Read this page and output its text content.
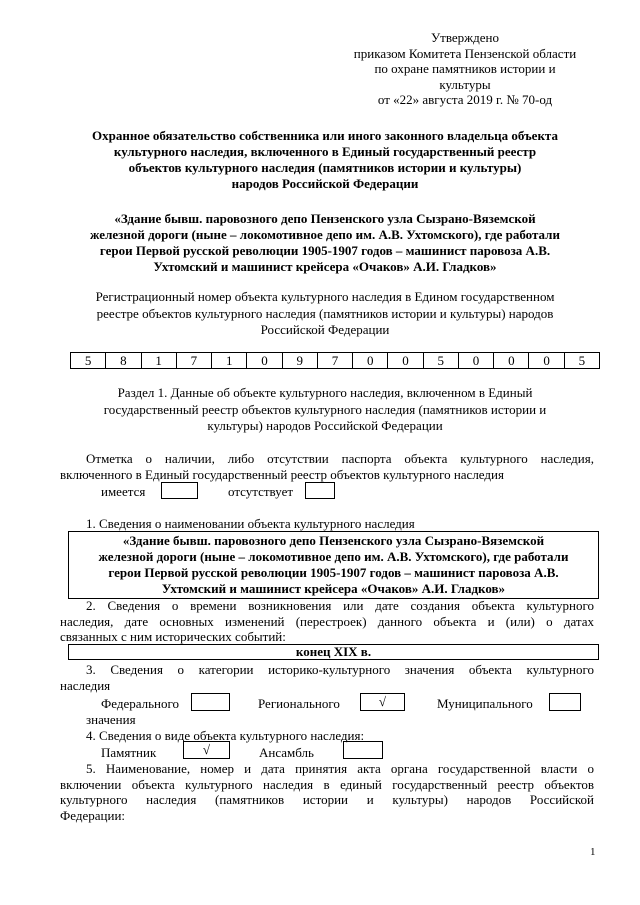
Утверждено
приказом Комитета Пензенской области
по охране памятников истории и
культуры
от «22» августа 2019 г. № 70-од
Охранное обязательство собственника или иного законного владельца объекта
культурного наследия, включенного в Единый государственный реестр
объектов культурного наследия (памятников истории и культуры)
народов Российской Федерации
«Здание бывш. паровозного депо Пензенского узла Сызрано-Вяземской
железной дороги (ныне – локомотивное депо им. А.В. Ухтомского), где работали
герои Первой русской революции 1905-1907 годов – машинист паровоза А.В.
Ухтомский и машинист крейсера «Очаков» А.И. Гладков»
Регистрационный номер объекта культурного наследия в Едином государственном
реестре объектов культурного наследия (памятников истории и культуры) народов
Российской Федерации
5	8	1	7	1	0	9	7	0	0	5	0	0	0	5
Раздел 1. Данные об объекте культурного наследия, включенном в Единый
государственный реестр объектов культурного наследия (памятников истории и
культуры) народов Российской Федерации
Отметка о наличии, либо отсутствии паспорта объекта культурного наследия,
включенного в Единый государственный реестр объектов культурного наследия
имеется	отсутствует
1. Сведения о наименовании объекта культурного наследия
«Здание бывш. паровозного депо Пензенского узла Сызрано-Вяземской
железной дороги (ныне – локомотивное депо им. А.В. Ухтомского), где работали
герои Первой русской революции 1905-1907 годов – машинист паровоза А.В.
Ухтомский и машинист крейсера «Очаков» А.И. Гладков»
2. Сведения о времени возникновения или дате создания объекта культурного
наследия, дате основных изменений (перестроек) данного объекта и (или) о датах
связанных с ним исторических событий:
конец XIX в.
3. Сведения о категории историко-культурного значения объекта культурного
наследия
Федерального	Регионального	√	Муниципального
значения
4. Сведения о виде объекта культурного наследия:
Памятник	√	Ансамбль
5. Наименование, номер и дата принятия акта органа государственной власти о
включении объекта культурного наследия в единый государственный реестр объектов
культурного наследия (памятников истории и культуры) народов Российской
Федерации:
1
